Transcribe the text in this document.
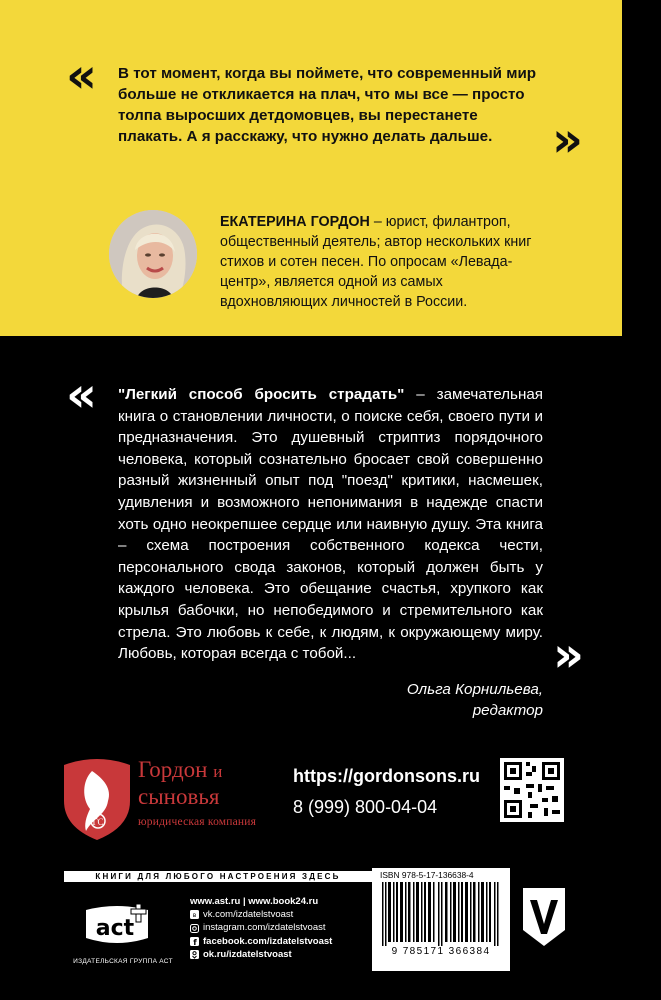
« В тот момент, когда вы поймете, что современный мир больше не откликается на плач, что мы все — просто толпа выросших детдомовцев, вы перестанете плакать. А я расскажу, что нужно делать дальше.	»
ЕКАТЕРИНА ГОРДОН – юрист, филантроп, общественный деятель; автор нескольких книг стихов и сотен песен. По опросам «Левада-центр», является одной из самых вдохновляющих личностей в России.
« "Легкий способ бросить страдать" – замечательная книга о становлении личности, о поиске себя, своего пути и предназначения. Это душевный стриптиз порядочного человека, который сознательно бросает свой совершенно разный жизненный опыт под "поезд" критики, насмешек, удивления и возможного непонимания в надежде спасти хоть одно неокрепшее сердце или наивную душу. Эта книга – схема построения собственного кодекса чести, персонального свода законов, который должен быть у каждого человека. Это обещание счастья, хрупкого как крылья бабочки, но непобедимого и стремительного как стрела. Это любовь к себе, к людям, к окружающему миру. Любовь, которая всегда с тобой...	»
Ольга Корнильева,
редактор
ГС
Гордон и
сыновья
юридическая компания
https://gordonsons.ru
8 (999) 800-04-04
КНИГИ ДЛЯ ЛЮБОГО НАСТРОЕНИЯ ЗДЕСЬ
act
ИЗДАТЕЛЬСКАЯ ГРУППА АСТ
www.ast.ru | www.book24.ru
в vk.com/izdatelstvoast
instagram.com/izdatelstvoast
f facebook.com/izdatelstvoast
ok.ru/izdatelstvoast
ISBN 978-5-17-136638-4
9 785171 366384
